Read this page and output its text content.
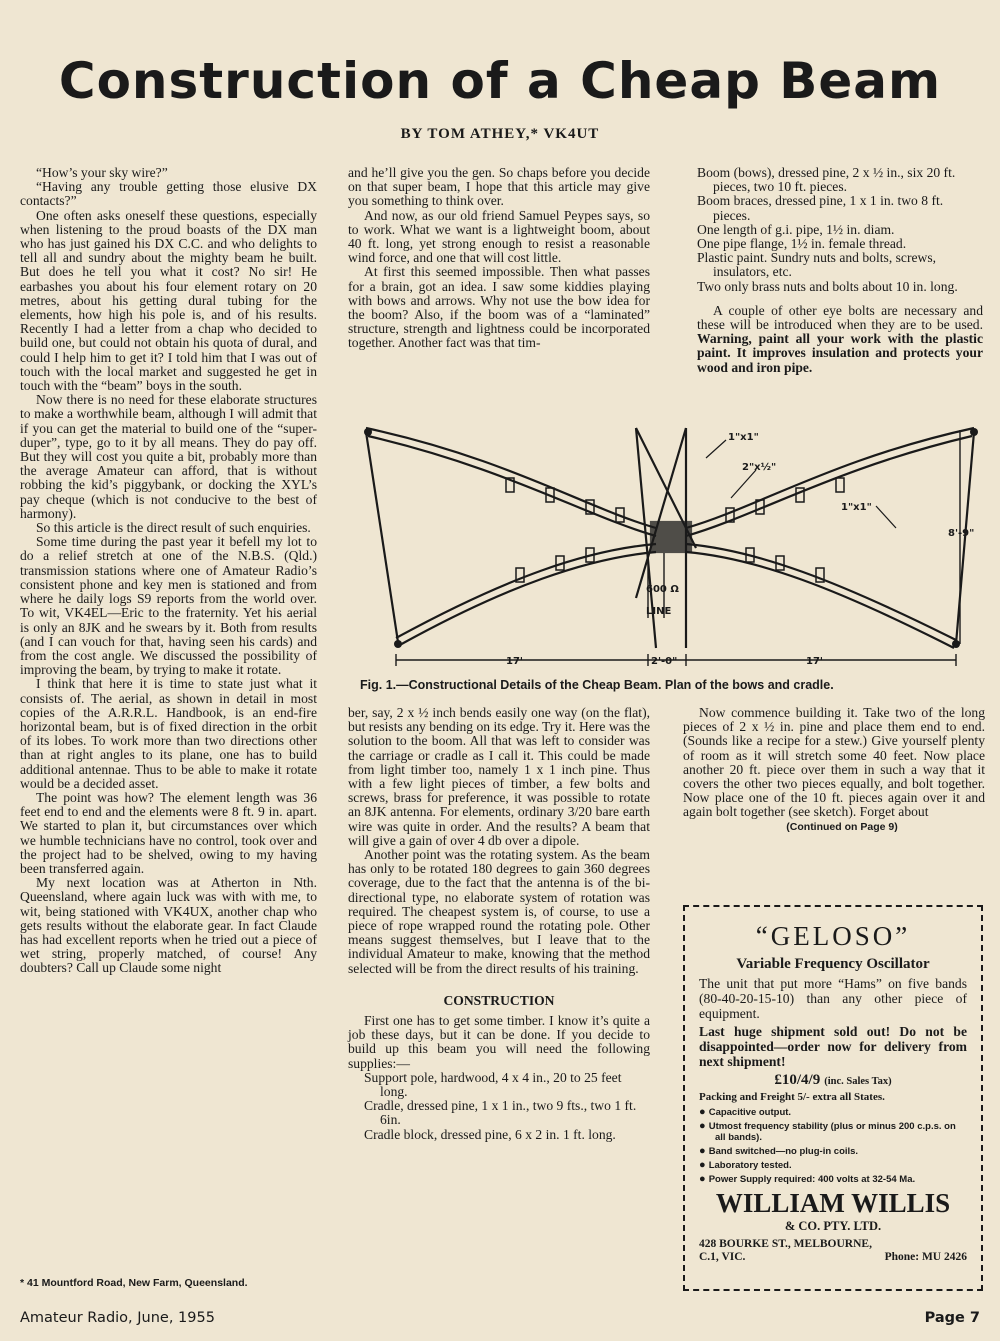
Construction of a Cheap Beam
BY TOM ATHEY,* VK4UT

“How’s your sky wire?”

“Having any trouble getting those elusive DX contacts?”

One often asks oneself these questions, especially when listening to the proud boasts of the DX man who has just gained his DX C.C. and who delights to tell all and sundry about the mighty beam he built. But does he tell you what it cost? No sir! He earbashes you about his four element rotary on 20 metres, about his getting dural tubing for the elements, how high his pole is, and of his results. Recently I had a letter from a chap who decided to build one, but could not obtain his quota of dural, and could I help him to get it? I told him that I was out of touch with the local market and suggested he get in touch with the “beam” boys in the south.

Now there is no need for these elaborate structures to make a worthwhile beam, although I will admit that if you can get the material to build one of the “super-duper”, type, go to it by all means. They do pay off. But they will cost you quite a bit, probably more than the average Amateur can afford, that is without robbing the kid’s piggybank, or docking the XYL’s pay cheque (which is not conducive to the best of harmony).

So this article is the direct result of such enquiries.

Some time during the past year it befell my lot to do a relief stretch at one of the N.B.S. (Qld.) transmission stations where one of Amateur Radio’s consistent phone and key men is stationed and from where he daily logs S9 reports from the world over. To wit, VK4EL—Eric to the fraternity. Yet his aerial is only an 8JK and he swears by it. Both from results (and I can vouch for that, having seen his cards) and from the cost angle. We discussed the possibility of improving the beam, by trying to make it rotate.

I think that here it is time to state just what it consists of. The aerial, as shown in detail in most copies of the A.R.R.L. Handbook, is an end-fire horizontal beam, but is of fixed direction in the orbit of its lobes. To work more than two directions other than at right angles to its plane, one has to build additional antennae. Thus to be able to make it rotate would be a decided asset.

The point was how? The element length was 36 feet end to end and the elements were 8 ft. 9 in. apart. We started to plan it, but circumstances over which we humble technicians have no control, took over and the project had to be shelved, owing to my having been transferred again.

My next location was at Atherton in Nth. Queensland, where again luck was with with me, to wit, being stationed with VK4UX, another chap who gets results without the elaborate gear. In fact Claude has had excellent reports when he tried out a piece of wet string, properly matched, of course! Any doubters? Call up Claude some night

* 41 Mountford Road, New Farm, Queensland.

and he’ll give you the gen. So chaps before you decide on that super beam, I hope that this article may give you something to think over.

And now, as our old friend Samuel Peypes says, so to work. What we want is a lightweight boom, about 40 ft. long, yet strong enough to resist a reasonable wind force, and one that will cost little.

At first this seemed impossible. Then what passes for a brain, got an idea. I saw some kiddies playing with bows and arrows. Why not use the bow idea for the boom? Also, if the boom was of a “laminated” structure, strength and lightness could be incorporated together. Another fact was that tim-

Boom (bows), dressed pine, 2 x ½ in., six 20 ft. pieces, two 10 ft. pieces.
Boom braces, dressed pine, 1 x 1 in. two 8 ft. pieces.
One length of g.i. pipe, 1½ in. diam.
One pipe flange, 1½ in. female thread.
Plastic paint. Sundry nuts and bolts, screws, insulators, etc.
Two only brass nuts and bolts about 10 in. long.

A couple of other eye bolts are necessary and these will be introduced when they are to be used. Warning, paint all your work with the plastic paint. It improves insulation and protects your wood and iron pipe.

1"x1"
2"x½"
1"x1"
8'-9"
600 Ω
LINE
17'	2'-0"	17'
Fig. 1.—Constructional Details of the Cheap Beam. Plan of the bows and cradle.

ber, say, 2 x ½ inch bends easily one way (on the flat), but resists any bending on its edge. Try it. Here was the solution to the boom. All that was left to consider was the carriage or cradle as I call it. This could be made from light timber too, namely 1 x 1 inch pine. Thus with a few light pieces of timber, a few bolts and screws, brass for preference, it was possible to rotate an 8JK antenna. For elements, ordinary 3/20 bare earth wire was quite in order. And the results? A beam that will give a gain of over 4 db over a dipole.

Another point was the rotating system. As the beam has only to be rotated 180 degrees to gain 360 degrees coverage, due to the fact that the antenna is of the bi-directional type, no elaborate system of rotation was required. The cheapest system is, of course, to use a piece of rope wrapped round the rotating pole. Other means suggest themselves, but I leave that to the individual Amateur to make, knowing that the method selected will be from the direct results of his training.

CONSTRUCTION

First one has to get some timber. I know it’s quite a job these days, but it can be done. If you decide to build up this beam you will need the following supplies:—

Support pole, hardwood, 4 x 4 in., 20 to 25 feet long.
Cradle, dressed pine, 1 x 1 in., two 9 fts., two 1 ft. 6in.
Cradle block, dressed pine, 6 x 2 in. 1 ft. long.

Now commence building it. Take two of the long pieces of 2 x ½ in. pine and place them end to end. (Sounds like a recipe for a stew.) Give yourself plenty of room as it will stretch some 40 feet. Now place another 20 ft. piece over them in such a way that it covers the other two pieces equally, and bolt together. Now place one of the 10 ft. pieces again over it and again bolt together (see sketch). Forget about

(Continued on Page 9)

“GELOSO”
Variable Frequency Oscillator
The unit that put more “Hams” on five bands (80-40-20-15-10) than any other piece of equipment.
Last huge shipment sold out! Do not be disappointed—order now for delivery from next shipment!
£10/4/9 (inc. Sales Tax)
Packing and Freight 5/- extra all States.
● Capacitive output.
● Utmost frequency stability (plus or minus 200 c.p.s. on all bands).
● Band switched—no plug-in coils.
● Laboratory tested.
● Power Supply required: 400 volts at 32-54 Ma.
WILLIAM WILLIS
& CO. PTY. LTD.
428 BOURKE ST., MELBOURNE,
C.1, VIC.	Phone: MU 2426
Amateur Radio, June, 1955	Page 7
